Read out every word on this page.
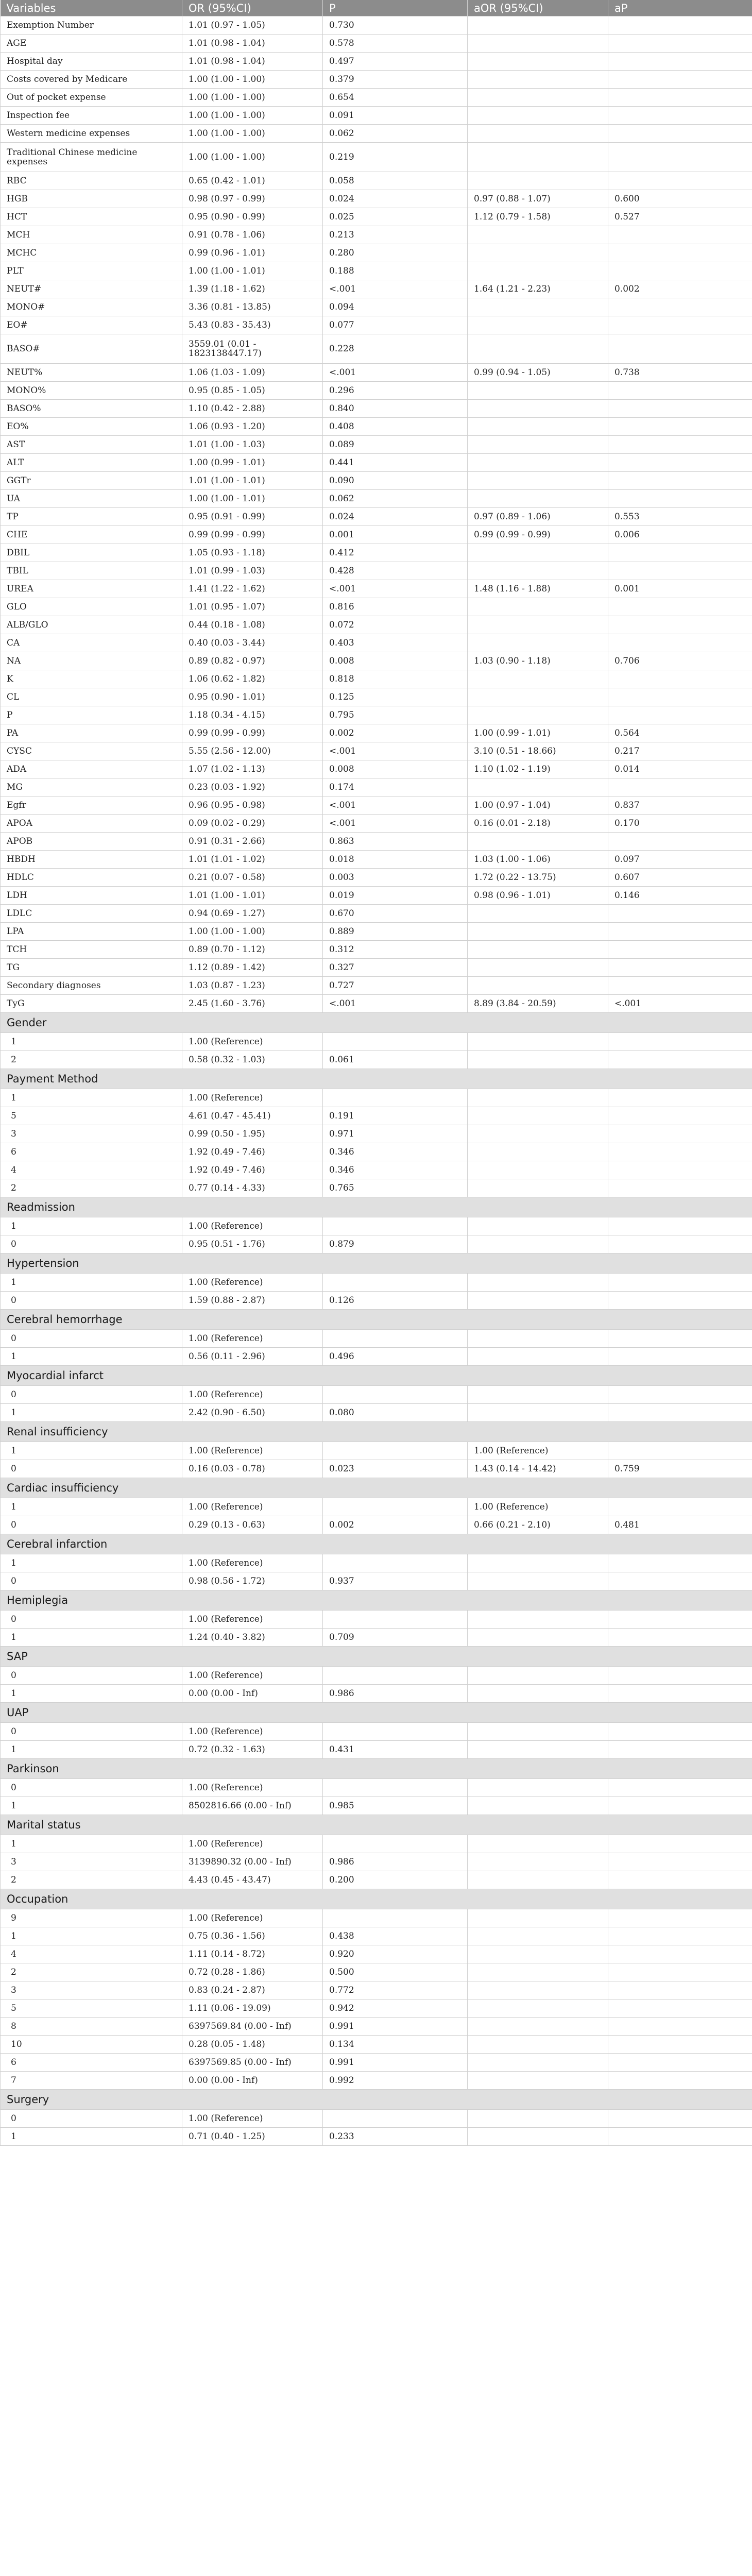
Variables	OR (95%CI)	P	aOR (95%CI)	aP
Exemption Number	1.01 (0.97 - 1.05)	0.730		
AGE	1.01 (0.98 - 1.04)	0.578		
Hospital day	1.01 (0.98 - 1.04)	0.497		
Costs covered by Medicare	1.00 (1.00 - 1.00)	0.379		
Out of pocket expense	1.00 (1.00 - 1.00)	0.654		
Inspection fee	1.00 (1.00 - 1.00)	0.091		
Western medicine expenses	1.00 (1.00 - 1.00)	0.062		
Traditional Chinese medicine expenses	1.00 (1.00 - 1.00)	0.219		
RBC	0.65 (0.42 - 1.01)	0.058		
HGB	0.98 (0.97 - 0.99)	0.024	0.97 (0.88 - 1.07)	0.600
HCT	0.95 (0.90 - 0.99)	0.025	1.12 (0.79 - 1.58)	0.527
MCH	0.91 (0.78 - 1.06)	0.213		
MCHC	0.99 (0.96 - 1.01)	0.280		
PLT	1.00 (1.00 - 1.01)	0.188		
NEUT#	1.39 (1.18 - 1.62)	<.001	1.64 (1.21 - 2.23)	0.002
MONO#	3.36 (0.81 - 13.85)	0.094		
EO#	5.43 (0.83 - 35.43)	0.077		
BASO#	3559.01 (0.01 - 1823138447.17)	0.228		
NEUT%	1.06 (1.03 - 1.09)	<.001	0.99 (0.94 - 1.05)	0.738
MONO%	0.95 (0.85 - 1.05)	0.296		
BASO%	1.10 (0.42 - 2.88)	0.840		
EO%	1.06 (0.93 - 1.20)	0.408		
AST	1.01 (1.00 - 1.03)	0.089		
ALT	1.00 (0.99 - 1.01)	0.441		
GGTr	1.01 (1.00 - 1.01)	0.090		
UA	1.00 (1.00 - 1.01)	0.062		
TP	0.95 (0.91 - 0.99)	0.024	0.97 (0.89 - 1.06)	0.553
CHE	0.99 (0.99 - 0.99)	0.001	0.99 (0.99 - 0.99)	0.006
DBIL	1.05 (0.93 - 1.18)	0.412		
TBIL	1.01 (0.99 - 1.03)	0.428		
UREA	1.41 (1.22 - 1.62)	<.001	1.48 (1.16 - 1.88)	0.001
GLO	1.01 (0.95 - 1.07)	0.816		
ALB/GLO	0.44 (0.18 - 1.08)	0.072		
CA	0.40 (0.03 - 3.44)	0.403		
NA	0.89 (0.82 - 0.97)	0.008	1.03 (0.90 - 1.18)	0.706
K	1.06 (0.62 - 1.82)	0.818		
CL	0.95 (0.90 - 1.01)	0.125		
P	1.18 (0.34 - 4.15)	0.795		
PA	0.99 (0.99 - 0.99)	0.002	1.00 (0.99 - 1.01)	0.564
CYSC	5.55 (2.56 - 12.00)	<.001	3.10 (0.51 - 18.66)	0.217
ADA	1.07 (1.02 - 1.13)	0.008	1.10 (1.02 - 1.19)	0.014
MG	0.23 (0.03 - 1.92)	0.174		
Egfr	0.96 (0.95 - 0.98)	<.001	1.00 (0.97 - 1.04)	0.837
APOA	0.09 (0.02 - 0.29)	<.001	0.16 (0.01 - 2.18)	0.170
APOB	0.91 (0.31 - 2.66)	0.863		
HBDH	1.01 (1.01 - 1.02)	0.018	1.03 (1.00 - 1.06)	0.097
HDLC	0.21 (0.07 - 0.58)	0.003	1.72 (0.22 - 13.75)	0.607
LDH	1.01 (1.00 - 1.01)	0.019	0.98 (0.96 - 1.01)	0.146
LDLC	0.94 (0.69 - 1.27)	0.670		
LPA	1.00 (1.00 - 1.00)	0.889		
TCH	0.89 (0.70 - 1.12)	0.312		
TG	1.12 (0.89 - 1.42)	0.327		
Secondary diagnoses	1.03 (0.87 - 1.23)	0.727		
TyG	2.45 (1.60 - 3.76)	<.001	8.89 (3.84 - 20.59)	<.001
Gender				
1	1.00 (Reference)			
2	0.58 (0.32 - 1.03)	0.061		
Payment Method				
1	1.00 (Reference)			
5	4.61 (0.47 - 45.41)	0.191		
3	0.99 (0.50 - 1.95)	0.971		
6	1.92 (0.49 - 7.46)	0.346		
4	1.92 (0.49 - 7.46)	0.346		
2	0.77 (0.14 - 4.33)	0.765		
Readmission				
1	1.00 (Reference)			
0	0.95 (0.51 - 1.76)	0.879		
Hypertension				
1	1.00 (Reference)			
0	1.59 (0.88 - 2.87)	0.126		
Cerebral hemorrhage				
0	1.00 (Reference)			
1	0.56 (0.11 - 2.96)	0.496		
Myocardial infarct				
0	1.00 (Reference)			
1	2.42 (0.90 - 6.50)	0.080		
Renal insufficiency				
1	1.00 (Reference)		1.00 (Reference)	
0	0.16 (0.03 - 0.78)	0.023	1.43 (0.14 - 14.42)	0.759
Cardiac insufficiency				
1	1.00 (Reference)		1.00 (Reference)	
0	0.29 (0.13 - 0.63)	0.002	0.66 (0.21 - 2.10)	0.481
Cerebral infarction				
1	1.00 (Reference)			
0	0.98 (0.56 - 1.72)	0.937		
Hemiplegia				
0	1.00 (Reference)			
1	1.24 (0.40 - 3.82)	0.709		
SAP				
0	1.00 (Reference)			
1	0.00 (0.00 - Inf)	0.986		
UAP				
0	1.00 (Reference)			
1	0.72 (0.32 - 1.63)	0.431		
Parkinson				
0	1.00 (Reference)			
1	8502816.66 (0.00 - Inf)	0.985		
Marital status				
1	1.00 (Reference)			
3	3139890.32 (0.00 - Inf)	0.986		
2	4.43 (0.45 - 43.47)	0.200		
Occupation				
9	1.00 (Reference)			
1	0.75 (0.36 - 1.56)	0.438		
4	1.11 (0.14 - 8.72)	0.920		
2	0.72 (0.28 - 1.86)	0.500		
3	0.83 (0.24 - 2.87)	0.772		
5	1.11 (0.06 - 19.09)	0.942		
8	6397569.84 (0.00 - Inf)	0.991		
10	0.28 (0.05 - 1.48)	0.134		
6	6397569.85 (0.00 - Inf)	0.991		
7	0.00 (0.00 - Inf)	0.992		
Surgery				
0	1.00 (Reference)			
1	0.71 (0.40 - 1.25)	0.233		
